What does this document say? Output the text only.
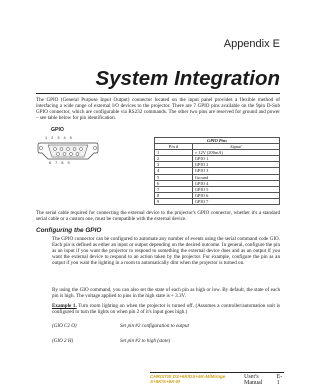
Appendix E
System Integration
The GPIO (General Purpose Input Output) connector located on the input panel provides a flexible method of interfacing a wide range of external I/O devices to the projector. There are 7 GPIO pins available on the 9pin D-Sub GPIO connector, which are configurable via RS232 commands. The other two pins are reserved for ground and power – see table below for pin identification.
GPIO
1 2 3 4 5
6 7 8 9
GPIO Pins	
Pin #	Signal
1	+ 12V (200mA)
2	GPIO 1
3	GPIO 2
4	GPIO 3
5	Ground
6	GPIO 4
7	GPIO 5
8	GPIO 6
9	GPIO 7
The serial cable required for connecting the external device to the projector's GPIO connector, whether it's a standard serial cable or a custom one, must be compatible with the external device.
Configuring the GPIO
The GPIO connector can be configured to automate any number of events using the serial command code GIO. Each pin is defined as either an input or output depending on the desired outcome. In general, configure the pin as an input if you want the projector to respond to something the external device does and as an output if you want the external device to respond to an action taken by the projector. For example, configure the pin as an output if you want the lighting in a room to automatically dim when the projector is turned on.
By using the GIO command, you can also set the state of each pin as high or low. By default, the state of each pin is high. The voltage applied to pins in the high state is + 3.3V.
Example 1. Turn room lighting on when the projector is turned off. (Assumes a controller/automation unit is configured to turn the lights on when pin 2 of it's input goes high.)
(GIO C2 O)	Set pin #2 configuration to output
(GIO 2 H)	Set pin #2 to high (state)
CHRISTIE DS+6K/DS+6K-M/Mirage S+6K/S+6K-M
User's Manual
E-1
